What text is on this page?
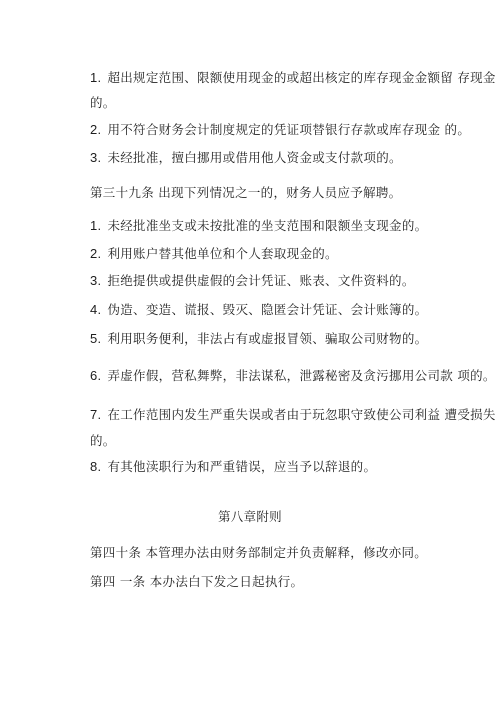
1. 超出规定范围、限额使用现金的或超出核定的库存现金金额留 存现金
的。
2. 用不符合财务会计制度规定的凭证项替银行存款或库存现金 的。
3. 未经批准，擅白挪用或借用他人资金或支付款项的。
第三十九条 出现下列情况之一的，财务人员应予解聘。
1. 未经批准坐支或未按批准的坐支范围和限额坐支现金的。
2. 利用账户替其他单位和个人套取现金的。
3. 拒绝提供或提供虚假的会计凭证、账表、文件资料的。
4. 伪造、变造、谎报、毁灭、隐匿会计凭证、会计账簿的。
5. 利用职务便利，非法占有或虚报冒领、骗取公司财物的。
6. 弄虚作假，营私舞弊，非法谋私，泄露秘密及贪污挪用公司款 项的。
7. 在工作范围内发生严重失误或者由于玩忽职守致使公司利益 遭受损失
的。
8. 有其他渎职行为和严重错误，应当予以辞退的。
第八章附则
第四十条 本管理办法由财务部制定并负责解释，修改亦同。
第四 一条 本办法白下发之日起执行。
